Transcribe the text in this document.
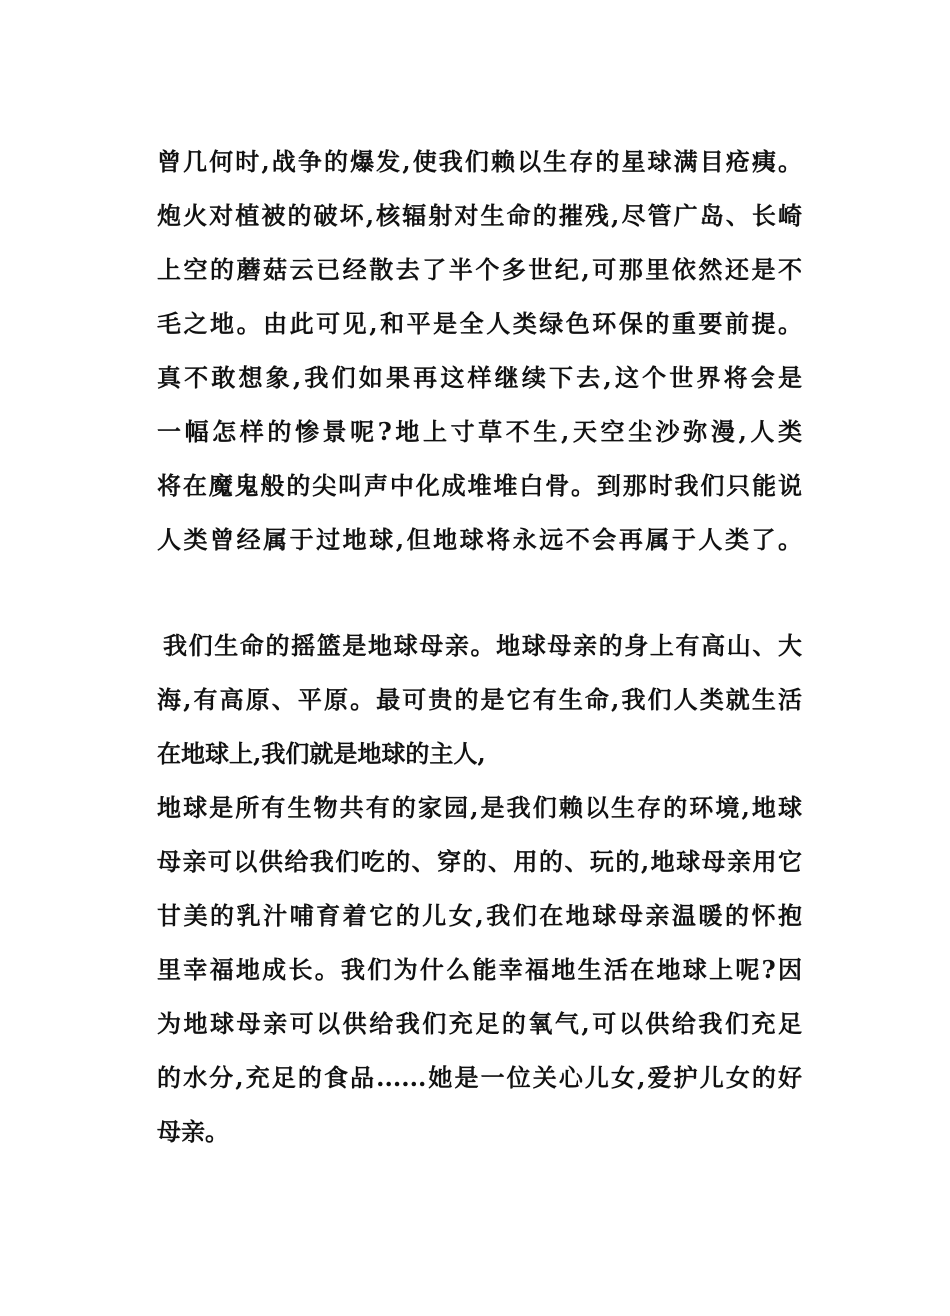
曾几何时,战争的爆发,使我们赖以生存的星球满目疮痍。
炮火对植被的破坏,核辐射对生命的摧残,尽管广岛、长崎
上空的蘑菇云已经散去了半个多世纪,可那里依然还是不
毛之地。由此可见,和平是全人类绿色环保的重要前提。
真不敢想象,我们如果再这样继续下去,这个世界将会是
一幅怎样的惨景呢?地上寸草不生,天空尘沙弥漫,人类
将在魔鬼般的尖叫声中化成堆堆白骨。到那时我们只能说
人类曾经属于过地球,但地球将永远不会再属于人类了。
我们生命的摇篮是地球母亲。地球母亲的身上有高山、大
海,有高原、平原。最可贵的是它有生命,我们人类就生活
在地球上,我们就是地球的主人,
地球是所有生物共有的家园,是我们赖以生存的环境,地球
母亲可以供给我们吃的、穿的、用的、玩的,地球母亲用它
甘美的乳汁哺育着它的儿女,我们在地球母亲温暖的怀抱
里幸福地成长。我们为什么能幸福地生活在地球上呢?因
为地球母亲可以供给我们充足的氧气,可以供给我们充足
的水分,充足的食品......她是一位关心儿女,爱护儿女的好
母亲。
